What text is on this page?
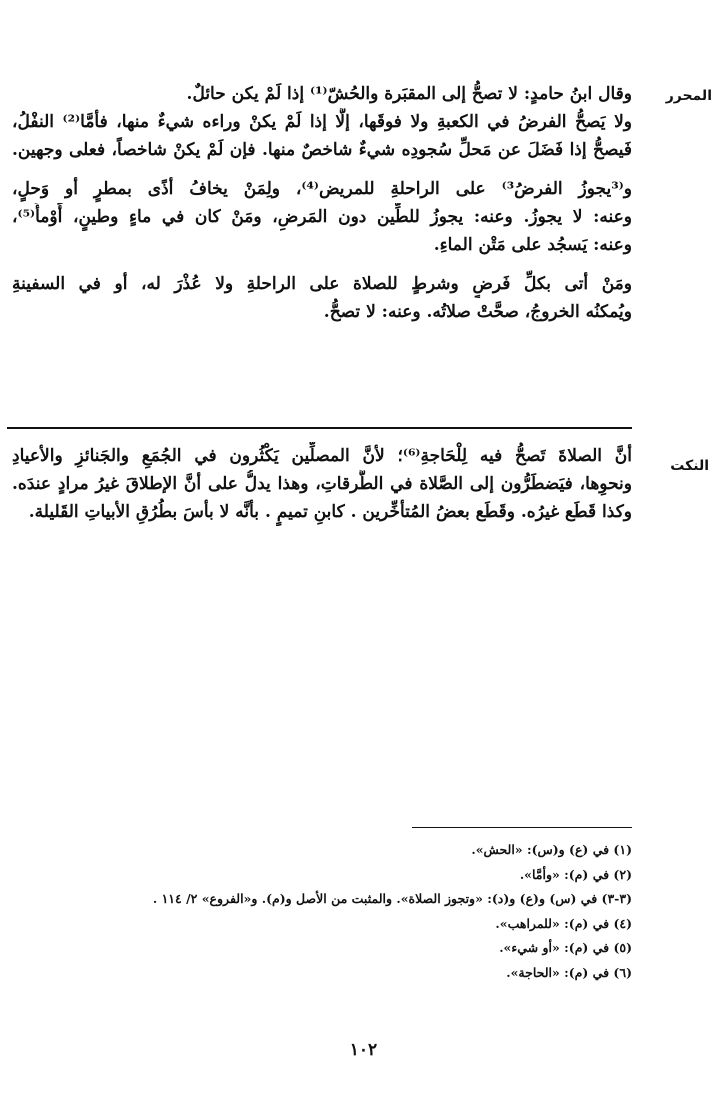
المحرر
وقال ابنُ حامدٍ: لا تصحُّ إلى المقبَرة والحُشّ⁽¹⁾ إذا لَمْ يكن حائلٌ.
ولا يَصحُّ الفرضُ في الكعبةِ ولا فوقَها، إلَّا إذا لَمْ يكنْ وراءه شيءٌ منها، فأمَّا⁽²⁾ النفْلُ،
فَيصحُّ إذا فَضَلَ عن مَحلِّ سُجودِه شيءٌ شاخصٌ منها. فإن لَمْ يكنْ شاخصاً، فعلى وجهين.
و⁽³يجوزُ الفرضُ³⁾ على الراحلةِ للمريض⁽⁴⁾، ولِمَنْ يخافُ أذًى بمطرٍ أو وَحلٍ،
وعنه: لا يجوزُ. وعنه: يجوزُ للطِّين دون المَرضِ، ومَنْ كان في ماءٍ وطينٍ، أَوْمأَ⁽⁵⁾،
وعنه: يَسجُد على مَتْن الماءِ.
ومَنْ أتى بكلِّ فَرضٍ وشرطٍ للصلاة على الراحلةِ ولا عُذْرَ له، أو في السفينةِ
ويُمكنُه الخروجُ، صحَّتْ صلاتُه. وعنه: لا تصحُّ.
النكت
أنَّ الصلاةَ تَصحُّ فيه لِلْحَاجةِ⁽⁶⁾؛ لأنَّ المصلِّين يَكْثُرون في الجُمَعِ والجَنائزِ والأعيادِ
ونحوِها، فيَضطَرُّون إلى الصَّلاة في الطُّرقاتِ، وهذا يدلُّ على أنَّ الإطلاقَ غيرُ مرادٍ عندَه.
وكذا قَطَع غيرُه. وقَطَع بعضُ المُتأخِّرين . كابنِ تميمٍ . بأنَّه لا بأسَ بطُرُقِ الأبياتِ القَليلة.
(١) في (ع) و(س): «الحش».
(٢) في (م): «وأمَّا».
(٣-٣) في (س) و(ع) و(د): «وتجوز الصلاة». والمثبت من الأصل و(م). و«الفروع» ٢/ ١١٤ .
(٤) في (م): «للمراهب».
(٥) في (م): «أو شيء».
(٦) في (م): «الحاجة».
١٠٢
